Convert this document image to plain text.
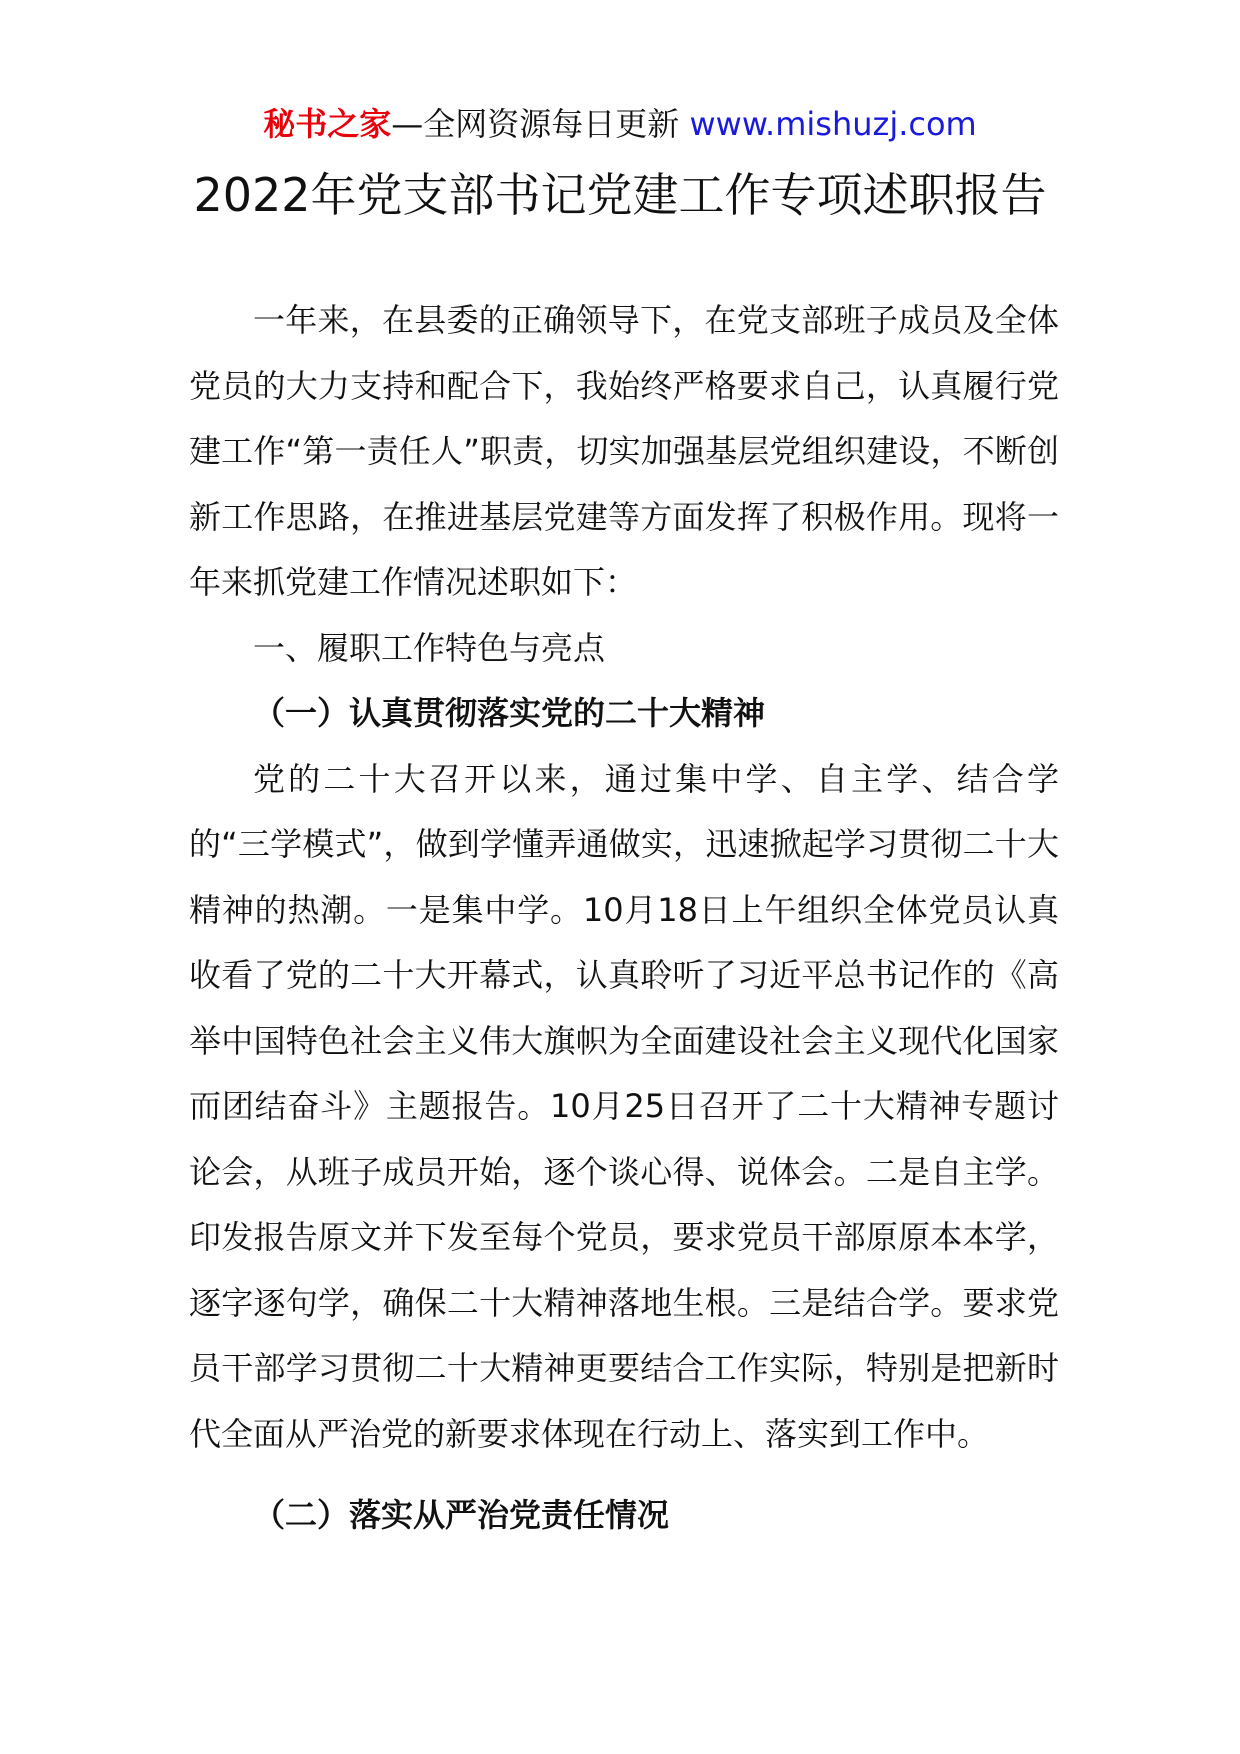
秘书之家—全网资源每日更新 www.mishuzj.com
2022年党支部书记党建工作专项述职报告

一年来，在县委的正确领导下，在党支部班子成员及全体党员的大力支持和配合下，我始终严格要求自己，认真履行党建工作“第一责任人”职责，切实加强基层党组织建设，不断创新工作思路，在推进基层党建等方面发挥了积极作用。现将一年来抓党建工作情况述职如下：

一、履职工作特色与亮点
（一）认真贯彻落实党的二十大精神

党的二十大召开以来，通过集中学、自主学、结合学的“三学模式”，做到学懂弄通做实，迅速掀起学习贯彻二十大精神的热潮。一是集中学。10月18日上午组织全体党员认真收看了党的二十大开幕式，认真聆听了习近平总书记作的《高举中国特色社会主义伟大旗帜为全面建设社会主义现代化国家而团结奋斗》主题报告。10月25日召开了二十大精神专题讨论会，从班子成员开始，逐个谈心得、说体会。二是自主学。印发报告原文并下发至每个党员，要求党员干部原原本本学，逐字逐句学，确保二十大精神落地生根。三是结合学。要求党员干部学习贯彻二十大精神更要结合工作实际，特别是把新时代全面从严治党的新要求体现在行动上、落实到工作中。

（二）落实从严治党责任情况
